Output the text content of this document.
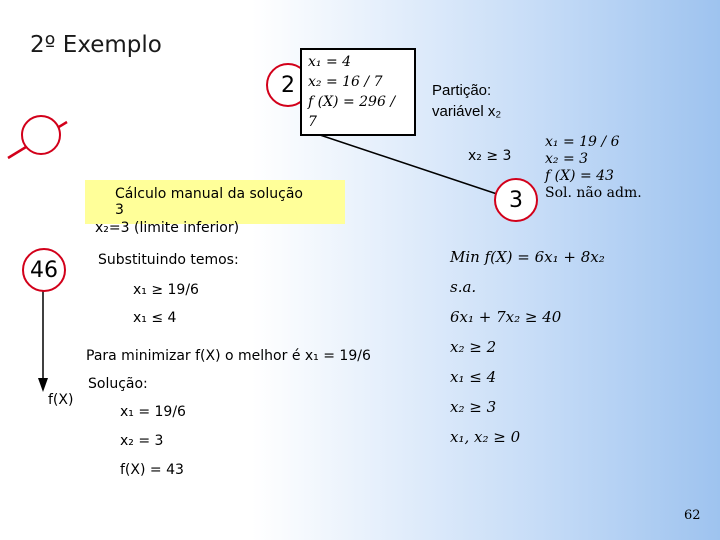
2º Exemplo
2
x₁ = 4
x₂ = 16 / 7
f (X) = 296 / 7
Partição:
variável x₂
x₂ ≥ 3
3
x₁ = 19 / 6
x₂ = 3
f (X) = 43
Sol. não adm.
Cálculo manual da solução 3
x₂=3 (limite inferior)
46	Substituindo temos:
x₁ ≥ 19/6
x₁ ≤ 4
Para minimizar f(X) o melhor é x₁ = 19/6
f(X)
Solução:
x₁ = 19/6
x₂ = 3
f(X) = 43
Min f(X) = 6x₁ + 8x₂
s.a.
6x₁ + 7x₂ ≥ 40
x₂ ≥ 2
x₁ ≤ 4
x₂ ≥ 3
x₁, x₂ ≥ 0
62
